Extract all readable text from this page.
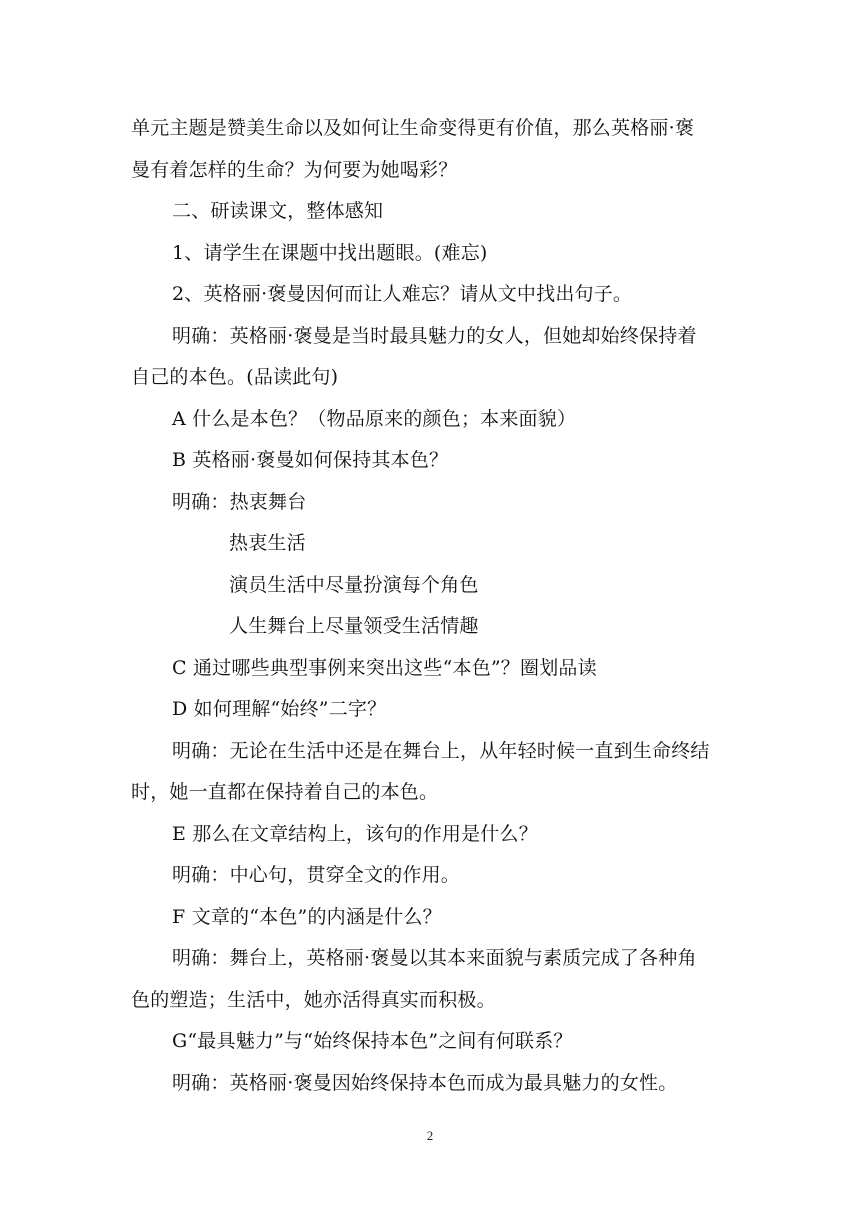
单元主题是赞美生命以及如何让生命变得更有价值，那么英格丽·褒
曼有着怎样的生命？为何要为她喝彩？
二、研读课文，整体感知
1、请学生在课题中找出题眼。(难忘)
2、英格丽·褒曼因何而让人难忘？请从文中找出句子。
明确：英格丽·褒曼是当时最具魅力的女人，但她却始终保持着
自己的本色。(品读此句)
A 什么是本色？（物品原来的颜色；本来面貌）
B 英格丽·褒曼如何保持其本色？
明确：热衷舞台
热衷生活
演员生活中尽量扮演每个角色
人生舞台上尽量领受生活情趣
C 通过哪些典型事例来突出这些“本色”？圈划品读
D 如何理解“始终”二字？
明确：无论在生活中还是在舞台上，从年轻时候一直到生命终结
时，她一直都在保持着自己的本色。
E 那么在文章结构上，该句的作用是什么？
明确：中心句，贯穿全文的作用。
F 文章的“本色”的内涵是什么？
明确：舞台上，英格丽·褒曼以其本来面貌与素质完成了各种角
色的塑造；生活中，她亦活得真实而积极。
G“最具魅力”与“始终保持本色”之间有何联系？
明确：英格丽·褒曼因始终保持本色而成为最具魅力的女性。
2
